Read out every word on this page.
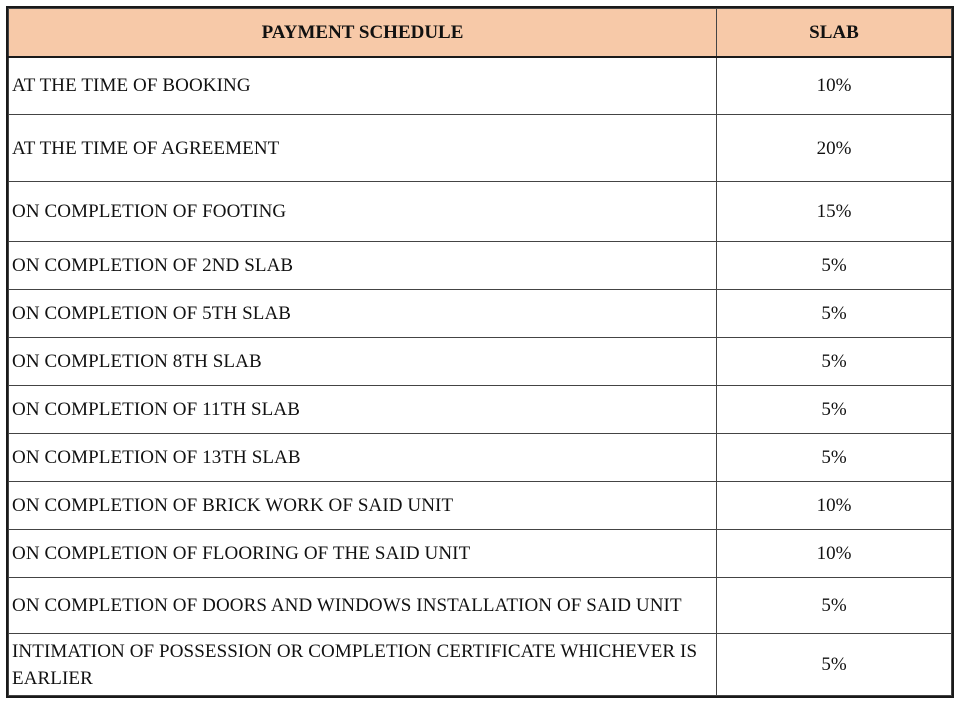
PAYMENT SCHEDULE	SLAB
AT THE TIME OF BOOKING	10%
AT THE TIME OF AGREEMENT	20%
ON COMPLETION OF FOOTING	15%
ON COMPLETION OF 2ND SLAB	5%
ON COMPLETION OF 5TH SLAB	5%
ON COMPLETION 8TH SLAB	5%
ON COMPLETION OF 11TH SLAB	5%
ON COMPLETION OF 13TH SLAB	5%
ON COMPLETION OF BRICK WORK OF SAID UNIT	10%
ON COMPLETION OF FLOORING OF THE SAID UNIT	10%
ON COMPLETION OF DOORS AND WINDOWS INSTALLATION OF SAID UNIT	5%
INTIMATION OF POSSESSION OR COMPLETION CERTIFICATE WHICHEVER IS EARLIER	5%
